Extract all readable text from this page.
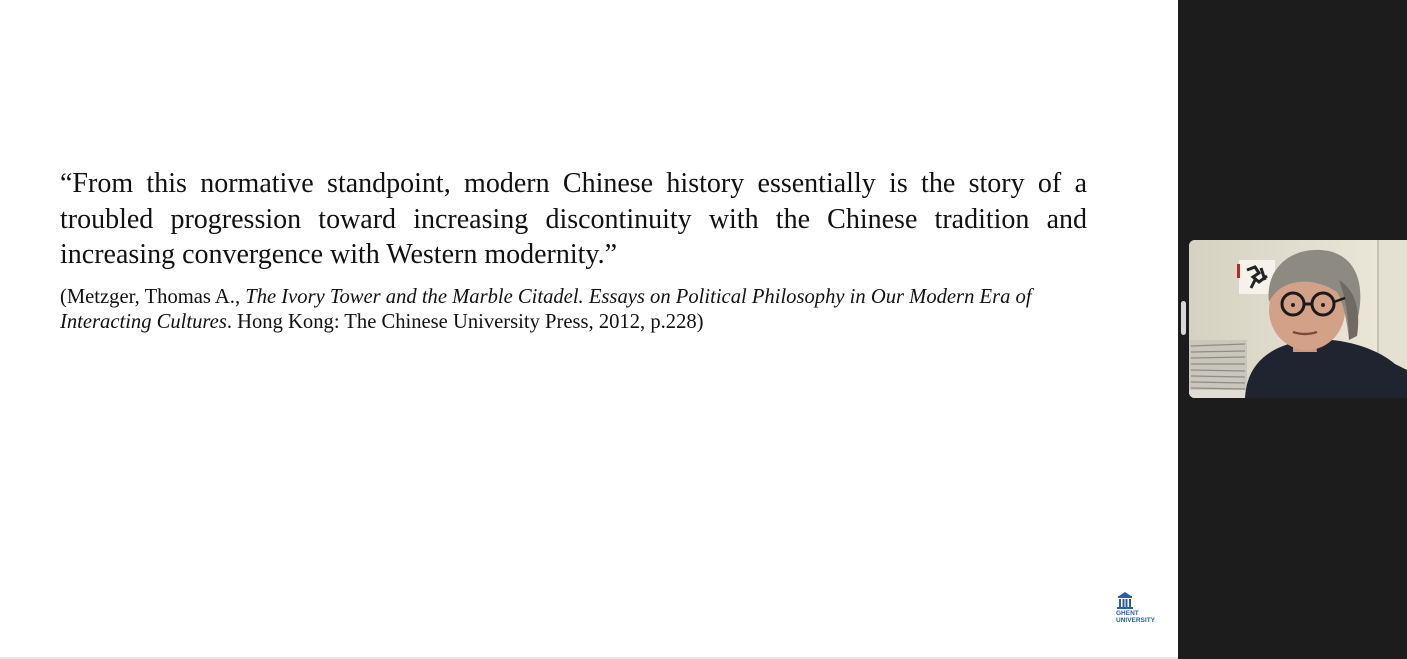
“From this normative standpoint, modern Chinese history essentially is the story of a troubled progression toward increasing discontinuity with the Chinese tradition and increasing convergence with Western modernity.”

(Metzger, Thomas A., The Ivory Tower and the Marble Citadel. Essays on Political Philosophy in Our Modern Era of Interacting Cultures. Hong Kong: The Chinese University Press, 2012, p.228)

GHENT
UNIVERSITY
